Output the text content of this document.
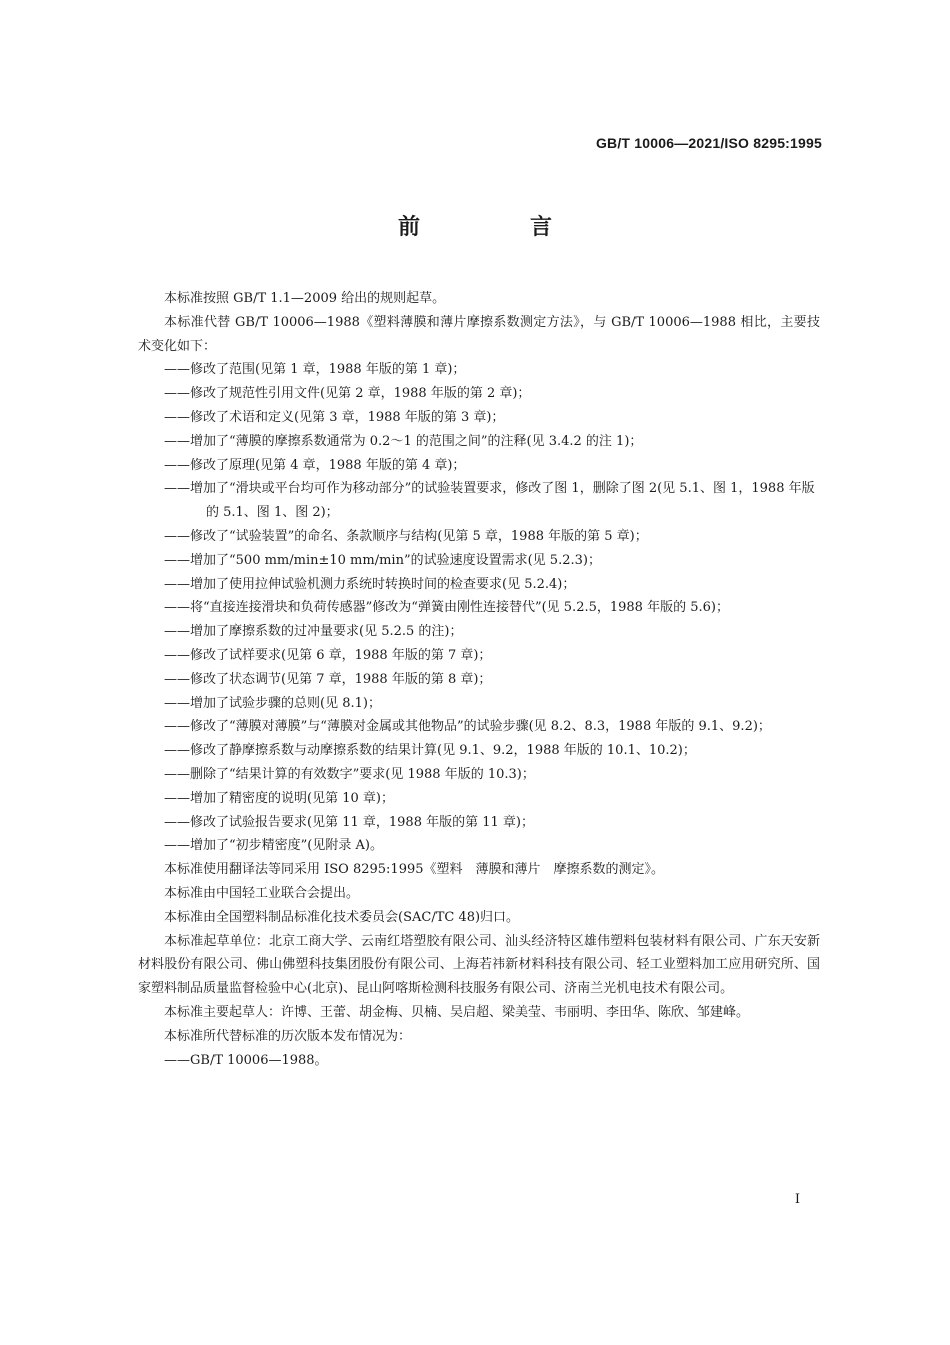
GB/T 10006—2021/ISO 8295:1995
前　言

本标准按照 GB/T 1.1—2009 给出的规则起草。

本标准代替 GB/T 10006—1988《塑料薄膜和薄片摩擦系数测定方法》，与 GB/T 10006—1988 相比，主要技术变化如下：

——修改了范围(见第 1 章，1988 年版的第 1 章)；

——修改了规范性引用文件(见第 2 章，1988 年版的第 2 章)；

——修改了术语和定义(见第 3 章，1988 年版的第 3 章)；

——增加了“薄膜的摩擦系数通常为 0.2～1 的范围之间”的注释(见 3.4.2 的注 1)；

——修改了原理(见第 4 章，1988 年版的第 4 章)；

——增加了“滑块或平台均可作为移动部分”的试验装置要求，修改了图 1，删除了图 2(见 5.1、图 1，1988 年版的 5.1、图 1、图 2)；

——修改了“试验装置”的命名、条款顺序与结构(见第 5 章，1988 年版的第 5 章)；

——增加了“500 mm/min±10 mm/min”的试验速度设置需求(见 5.2.3)；

——增加了使用拉伸试验机测力系统时转换时间的检查要求(见 5.2.4)；

——将“直接连接滑块和负荷传感器”修改为“弹簧由刚性连接替代”(见 5.2.5，1988 年版的 5.6)；

——增加了摩擦系数的过冲量要求(见 5.2.5 的注)；

——修改了试样要求(见第 6 章，1988 年版的第 7 章)；

——修改了状态调节(见第 7 章，1988 年版的第 8 章)；

——增加了试验步骤的总则(见 8.1)；

——修改了“薄膜对薄膜”与“薄膜对金属或其他物品”的试验步骤(见 8.2、8.3，1988 年版的 9.1、9.2)；

——修改了静摩擦系数与动摩擦系数的结果计算(见 9.1、9.2，1988 年版的 10.1、10.2)；

——删除了“结果计算的有效数字”要求(见 1988 年版的 10.3)；

——增加了精密度的说明(见第 10 章)；

——修改了试验报告要求(见第 11 章，1988 年版的第 11 章)；

——增加了“初步精密度”(见附录 A)。

本标准使用翻译法等同采用 ISO 8295:1995《塑料　薄膜和薄片　摩擦系数的测定》。

本标准由中国轻工业联合会提出。

本标准由全国塑料制品标准化技术委员会(SAC/TC 48)归口。

本标准起草单位：北京工商大学、云南红塔塑胶有限公司、汕头经济特区雄伟塑料包装材料有限公司、广东天安新材料股份有限公司、佛山佛塑科技集团股份有限公司、上海若祎新材料科技有限公司、轻工业塑料加工应用研究所、国家塑料制品质量监督检验中心(北京)、昆山阿喀斯检测科技服务有限公司、济南兰光机电技术有限公司。

本标准主要起草人：许博、王蕾、胡金梅、贝楠、吴启超、梁美莹、韦丽明、李田华、陈欣、邹建峰。

本标准所代替标准的历次版本发布情况为：

——GB/T 10006—1988。

I
